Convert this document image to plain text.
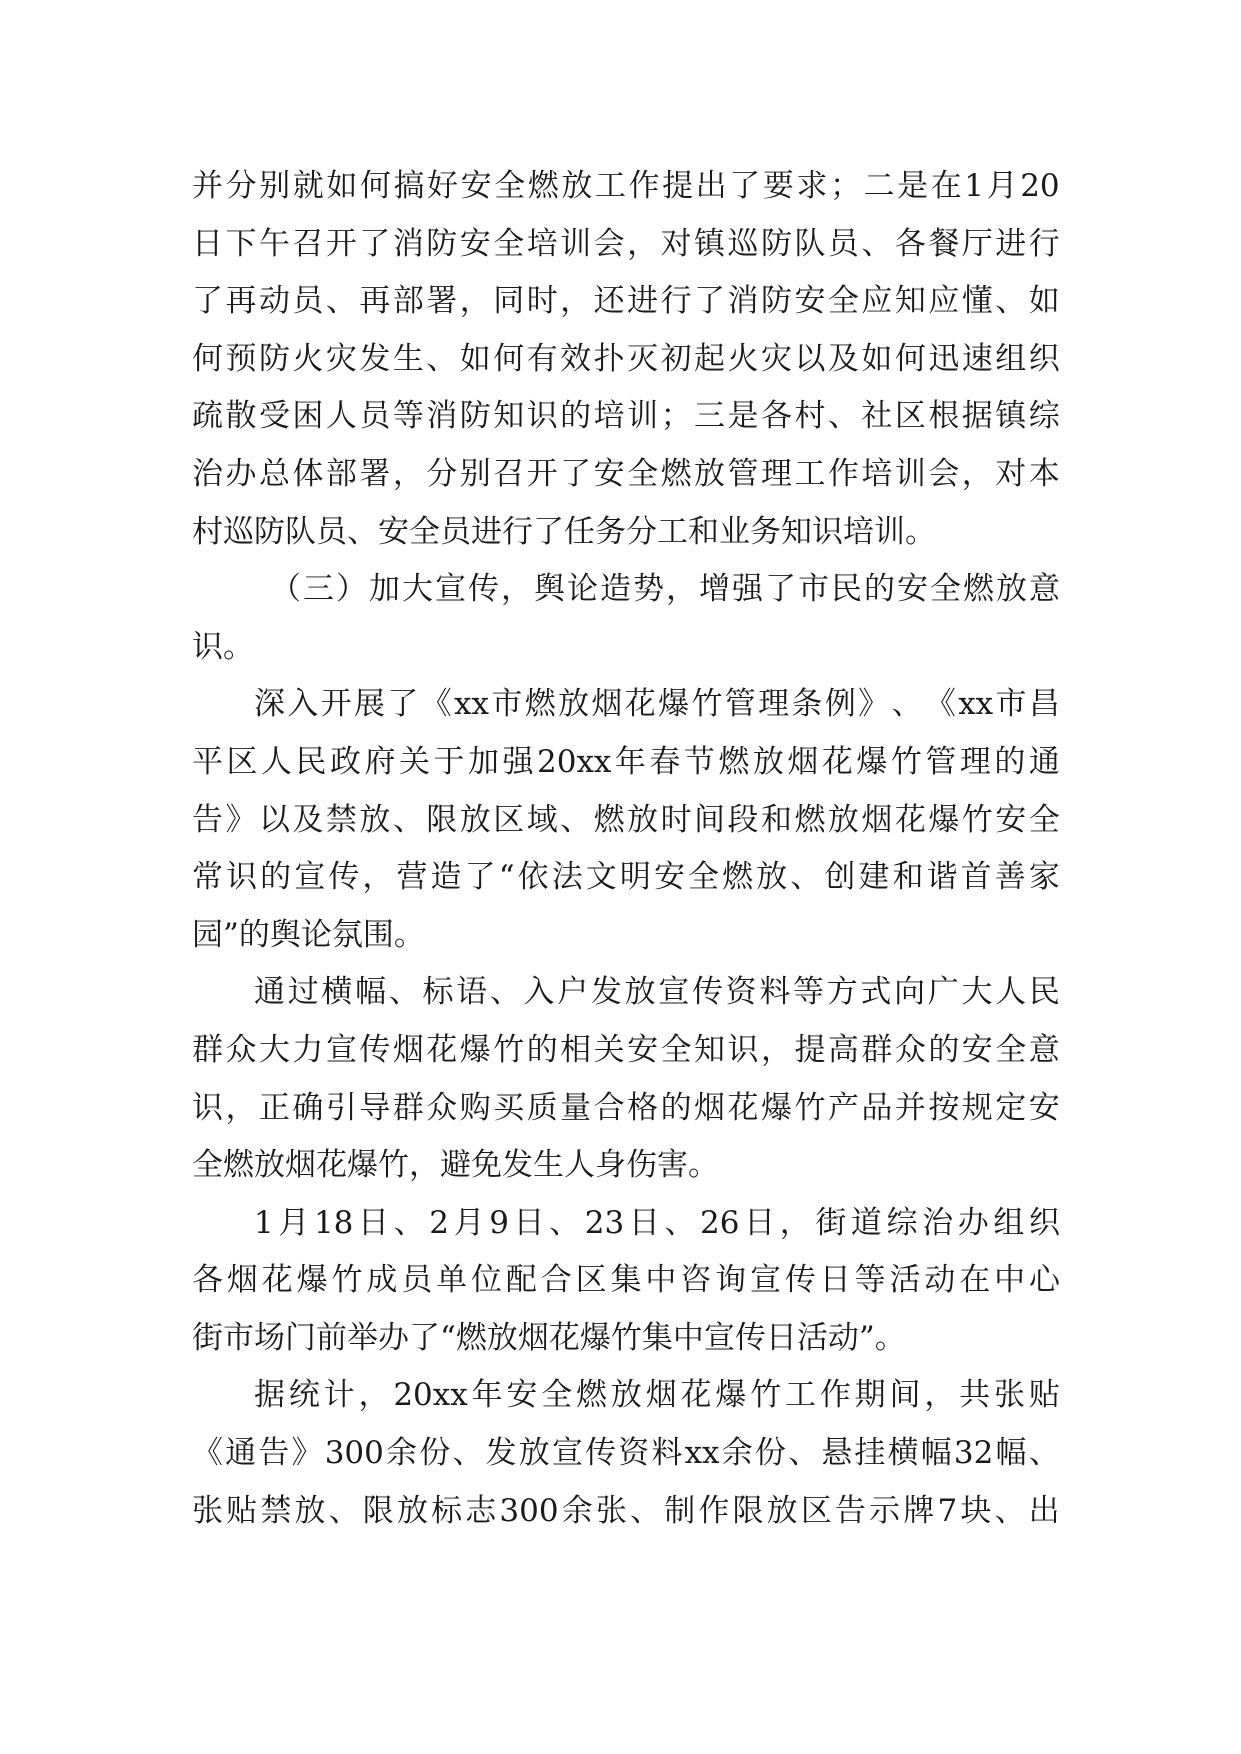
并 分 别 就 如 何 搞 好 安 全 燃 放 工 作 提 出 了 要 求 ； 二 是 在 1 月 20
日 下 午 召 开 了 消 防 安 全 培 训 会 ， 对 镇 巡 防 队 员 、 各 餐 厅 进 行
了 再 动 员 、 再 部 署 ， 同 时 ， 还 进 行 了 消 防 安 全 应 知 应 懂 、 如
何 预 防 火 灾 发 生 、 如 何 有 效 扑 灭 初 起 火 灾 以 及 如 何 迅 速 组 织
疏 散 受 困 人 员 等 消 防 知 识 的 培 训 ； 三 是 各 村 、 社 区 根 据 镇 综
治 办 总 体 部 署 ， 分 别 召 开 了 安 全 燃 放 管 理 工 作 培 训 会 ， 对 本
村巡防队员、安全员进行了任务分工和业务知识培训。
（ 三 ） 加 大 宣 传 ， 舆 论 造 势 ， 增 强 了 市 民 的 安 全 燃 放 意
识。
深 入 开 展 了 《 xx 市 燃 放 烟 花 爆 竹 管 理 条 例 》 、 《 xx 市 昌
平 区 人 民 政 府 关 于 加 强 20xx 年 春 节 燃 放 烟 花 爆 竹 管 理 的 通
告 》 以 及 禁 放 、 限 放 区 域 、 燃 放 时 间 段 和 燃 放 烟 花 爆 竹 安 全
常 识 的 宣 传 ， 营 造 了 “ 依 法 文 明 安 全 燃 放 、 创 建 和 谐 首 善 家
园”的舆论氛围。
通 过 横 幅 、 标 语 、 入 户 发 放 宣 传 资 料 等 方 式 向 广 大 人 民
群 众 大 力 宣 传 烟 花 爆 竹 的 相 关 安 全 知 识 ， 提 高 群 众 的 安 全 意
识 ， 正 确 引 导 群 众 购 买 质 量 合 格 的 烟 花 爆 竹 产 品 并 按 规 定 安
全燃放烟花爆竹，避免发生人身伤害。
1 月 18 日 、 2 月 9 日 、 23 日 、 26 日 ， 街 道 综 治 办 组 织
各 烟 花 爆 竹 成 员 单 位 配 合 区 集 中 咨 询 宣 传 日 等 活 动 在 中 心
街市场门前举办了“燃放烟花爆竹集中宣传日活动”。
据 统 计 ， 20xx 年 安 全 燃 放 烟 花 爆 竹 工 作 期 间 ， 共 张 贴
《 通 告 》 300 余 份 、 发 放 宣 传 资 料 xx 余 份 、 悬 挂 横 幅 32 幅 、
张 贴 禁 放 、 限 放 标 志 300 余 张 、 制 作 限 放 区 告 示 牌 7 块 、 出
